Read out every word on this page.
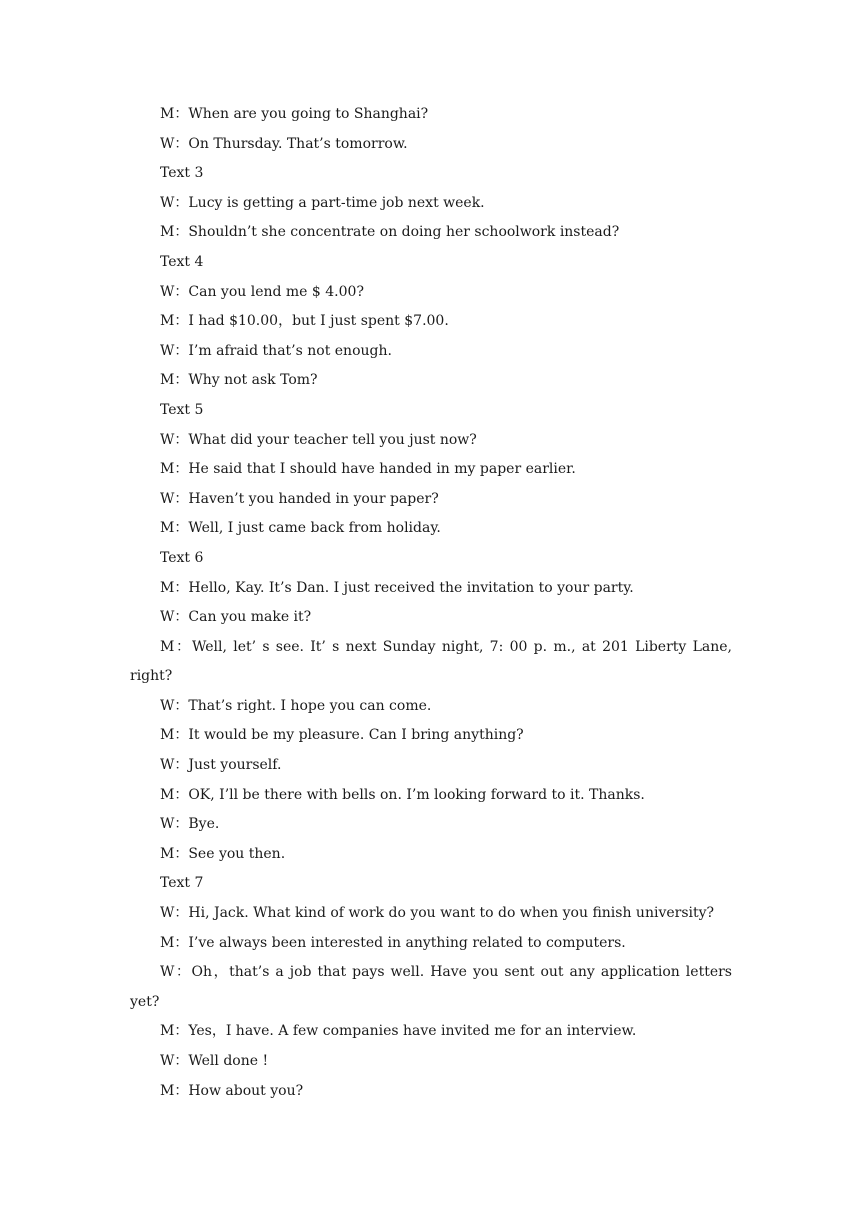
M：When are you going to Shanghai?

W：On Thursday. That’s tomorrow.

Text 3

W：Lucy is getting a part-time job next week.

M：Shouldn’t she concentrate on doing her schoolwork instead?

Text 4

W：Can you lend me $ 4.00?

M：I had $10.00，but I just spent $7.00.

W：I’m afraid that’s not enough.

M：Why not ask Tom?

Text 5

W：What did your teacher tell you just now?

M：He said that I should have handed in my paper earlier.

W：Haven’t you handed in your paper?

M：Well, I just came back from holiday.

Text 6

M：Hello, Kay. It’s Dan. I just received the invitation to your party.

W：Can you make it?

M：Well, let’ s see. It’ s next Sunday night, 7: 00 p. m., at 201 Liberty Lane, right?

W：That’s right. I hope you can come.

M：It would be my pleasure. Can I bring anything?

W：Just yourself.

M：OK, I’ll be there with bells on. I’m looking forward to it. Thanks.

W：Bye.

M：See you then.

Text 7

W：Hi, Jack. What kind of work do you want to do when you finish university?

M：I’ve always been interested in anything related to computers.

W：Oh，that’s a job that pays well. Have you sent out any application letters yet?

M：Yes，I have. A few companies have invited me for an interview.

W：Well done !

M：How about you?
